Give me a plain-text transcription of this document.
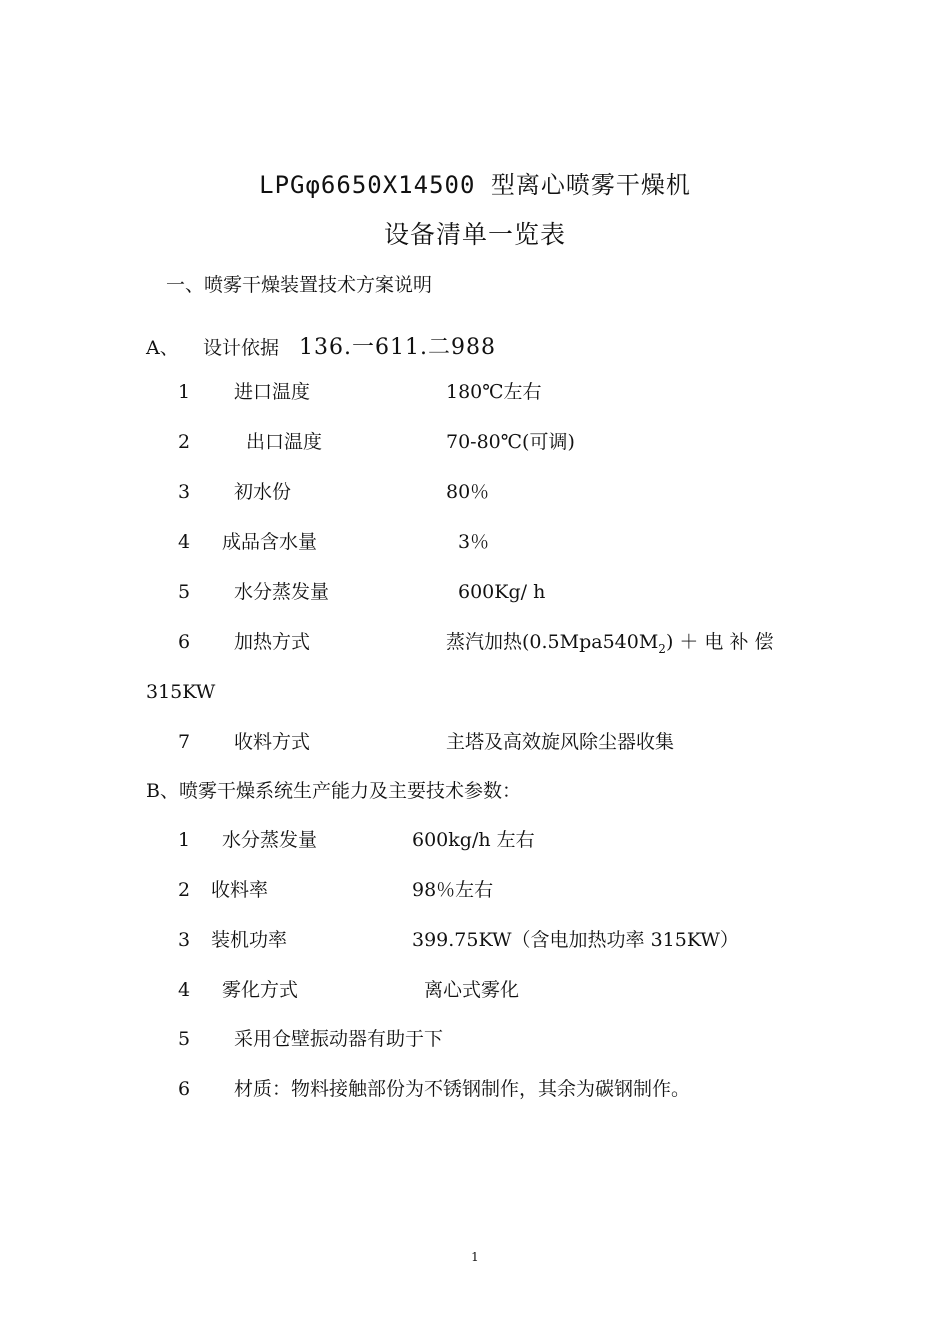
LPGφ6650X14500 型离心喷雾干燥机
设备清单一览表
一、喷雾干燥装置技术方案说明
A、 设计依据 136.一611.二988
1 进口温度	180℃左右
2	出口温度	70-80℃(可调)
3 初水份	80％
4 成品含水量	3％
5 水分蒸发量	600Kg/ h
6 加热方式	蒸汽加热$(0.5Mpa540M_2)$ ＋ 电 补 偿
315KW
7 收料方式	主塔及高效旋风除尘器收集
B、喷雾干燥系统生产能力及主要技术参数：
1 水分蒸发量	600kg/h 左右
2 收料率	98％左右
3 装机功率	399.75KW（含电加热功率 315KW）
4 雾化方式	离心式雾化
5 采用仓壁振动器有助于下
6 材质：物料接触部份为不锈钢制作，其余为碳钢制作。
1
